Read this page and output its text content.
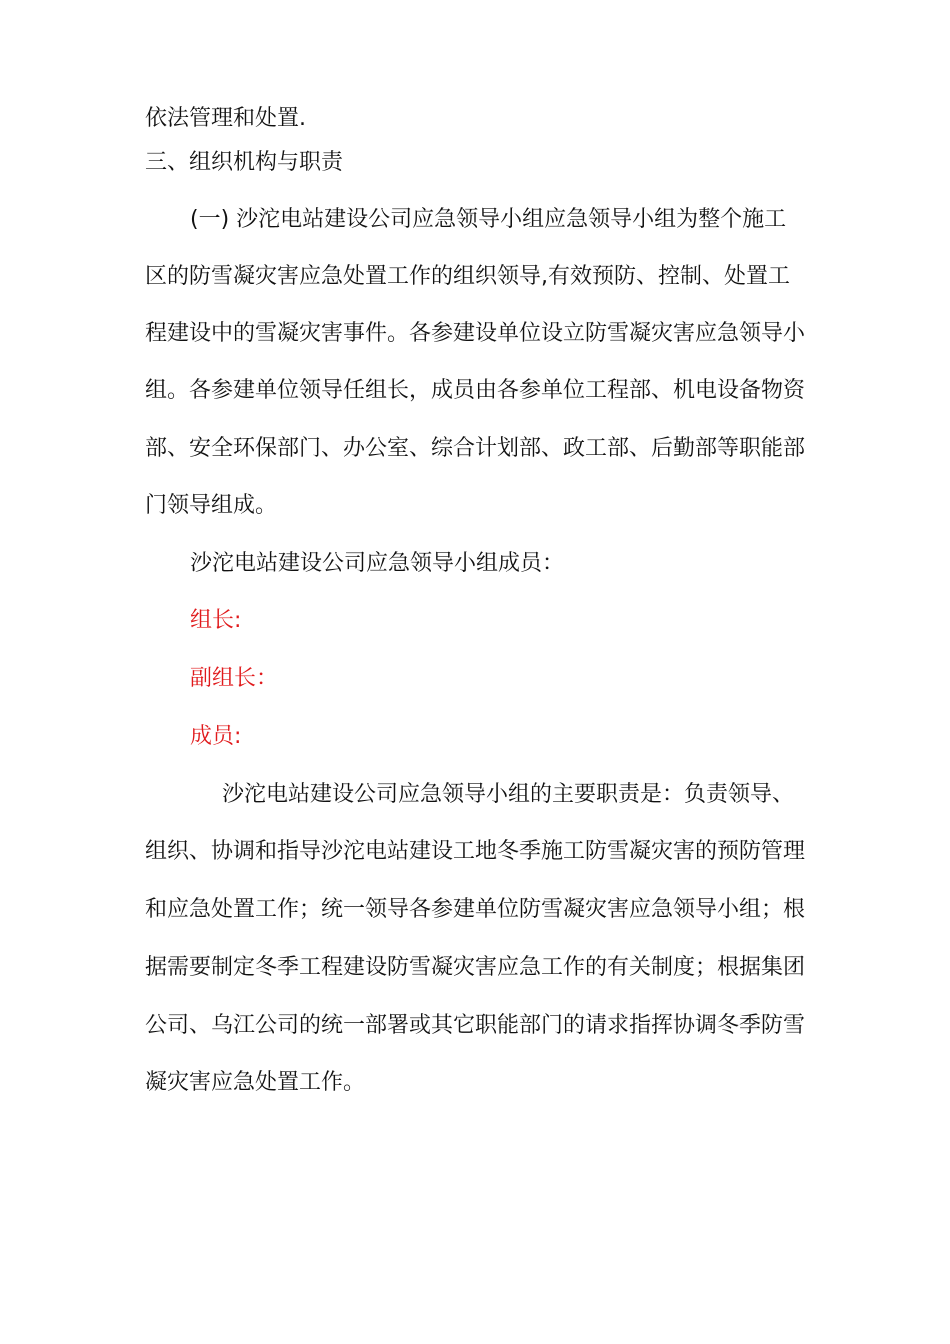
依法管理和处置.
三、组织机构与职责
(一) 沙沱电站建设公司应急领导小组应急领导小组为整个施工
区的防雪凝灾害应急处置工作的组织领导,有效预防、控制、处置工
程建设中的雪凝灾害事件。各参建设单位设立防雪凝灾害应急领导小
组。各参建单位领导任组长，成员由各参单位工程部、机电设备物资
部、安全环保部门、办公室、综合计划部、政工部、后勤部等职能部
门领导组成。
沙沱电站建设公司应急领导小组成员：
组长:
副组长：
成员:
沙沱电站建设公司应急领导小组的主要职责是：负责领导、
组织、协调和指导沙沱电站建设工地冬季施工防雪凝灾害的预防管理
和应急处置工作；统一领导各参建单位防雪凝灾害应急领导小组；根
据需要制定冬季工程建设防雪凝灾害应急工作的有关制度；根据集团
公司、乌江公司的统一部署或其它职能部门的请求指挥协调冬季防雪
凝灾害应急处置工作。
